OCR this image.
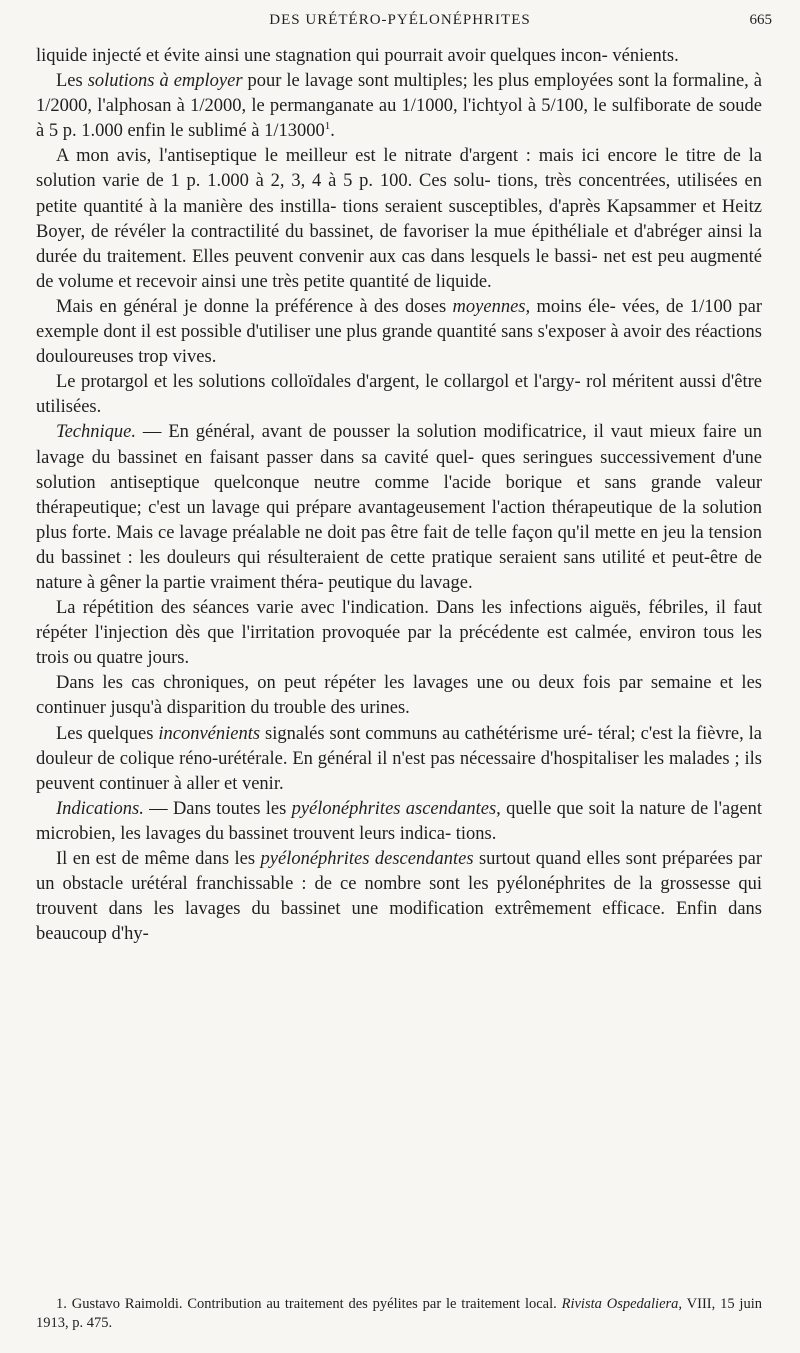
DES URÉTÉRO-PYÉLONÉPHRITES	665

liquide injecté et évite ainsi une stagnation qui pourrait avoir quelques incon- vénients.

Les solutions à employer pour le lavage sont multiples; les plus employées sont la formaline, à 1/2000, l'alphosan à 1/2000, le permanganate au 1/1000, l'ichtyol à 5/100, le sulfiborate de soude à 5 p. 1.000 enfin le sublimé à 1/13000$^1$.

A mon avis, l'antiseptique le meilleur est le nitrate d'argent : mais ici encore le titre de la solution varie de 1 p. 1.000 à 2, 3, 4 à 5 p. 100. Ces solu- tions, très concentrées, utilisées en petite quantité à la manière des instilla- tions seraient susceptibles, d'après Kapsammer et Heitz Boyer, de révéler la contractilité du bassinet, de favoriser la mue épithéliale et d'abréger ainsi la durée du traitement. Elles peuvent convenir aux cas dans lesquels le bassi- net est peu augmenté de volume et recevoir ainsi une très petite quantité de liquide.

Mais en général je donne la préférence à des doses moyennes, moins éle- vées, de 1/100 par exemple dont il est possible d'utiliser une plus grande quantité sans s'exposer à avoir des réactions douloureuses trop vives.

Le protargol et les solutions colloïdales d'argent, le collargol et l'argy- rol méritent aussi d'être utilisées.

Technique. — En général, avant de pousser la solution modificatrice, il vaut mieux faire un lavage du bassinet en faisant passer dans sa cavité quel- ques seringues successivement d'une solution antiseptique quelconque neutre comme l'acide borique et sans grande valeur thérapeutique; c'est un lavage qui prépare avantageusement l'action thérapeutique de la solution plus forte. Mais ce lavage préalable ne doit pas être fait de telle façon qu'il mette en jeu la tension du bassinet : les douleurs qui résulteraient de cette pratique seraient sans utilité et peut-être de nature à gêner la partie vraiment théra- peutique du lavage.

La répétition des séances varie avec l'indication. Dans les infections aiguës, fébriles, il faut répéter l'injection dès que l'irritation provoquée par la précédente est calmée, environ tous les trois ou quatre jours.

Dans les cas chroniques, on peut répéter les lavages une ou deux fois par semaine et les continuer jusqu'à disparition du trouble des urines.

Les quelques inconvénients signalés sont communs au cathétérisme uré- téral; c'est la fièvre, la douleur de colique réno-urétérale. En général il n'est pas nécessaire d'hospitaliser les malades ; ils peuvent continuer à aller et venir.

Indications. — Dans toutes les pyélonéphrites ascendantes, quelle que soit la nature de l'agent microbien, les lavages du bassinet trouvent leurs indica- tions.

Il en est de même dans les pyélonéphrites descendantes surtout quand elles sont préparées par un obstacle urétéral franchissable : de ce nombre sont les pyélonéphrites de la grossesse qui trouvent dans les lavages du bassinet une modification extrêmement efficace. Enfin dans beaucoup d'hy-

1. Gustavo Raimoldi. Contribution au traitement des pyélites par le traitement local. Rivista Ospedaliera, VIII, 15 juin 1913, p. 475.
